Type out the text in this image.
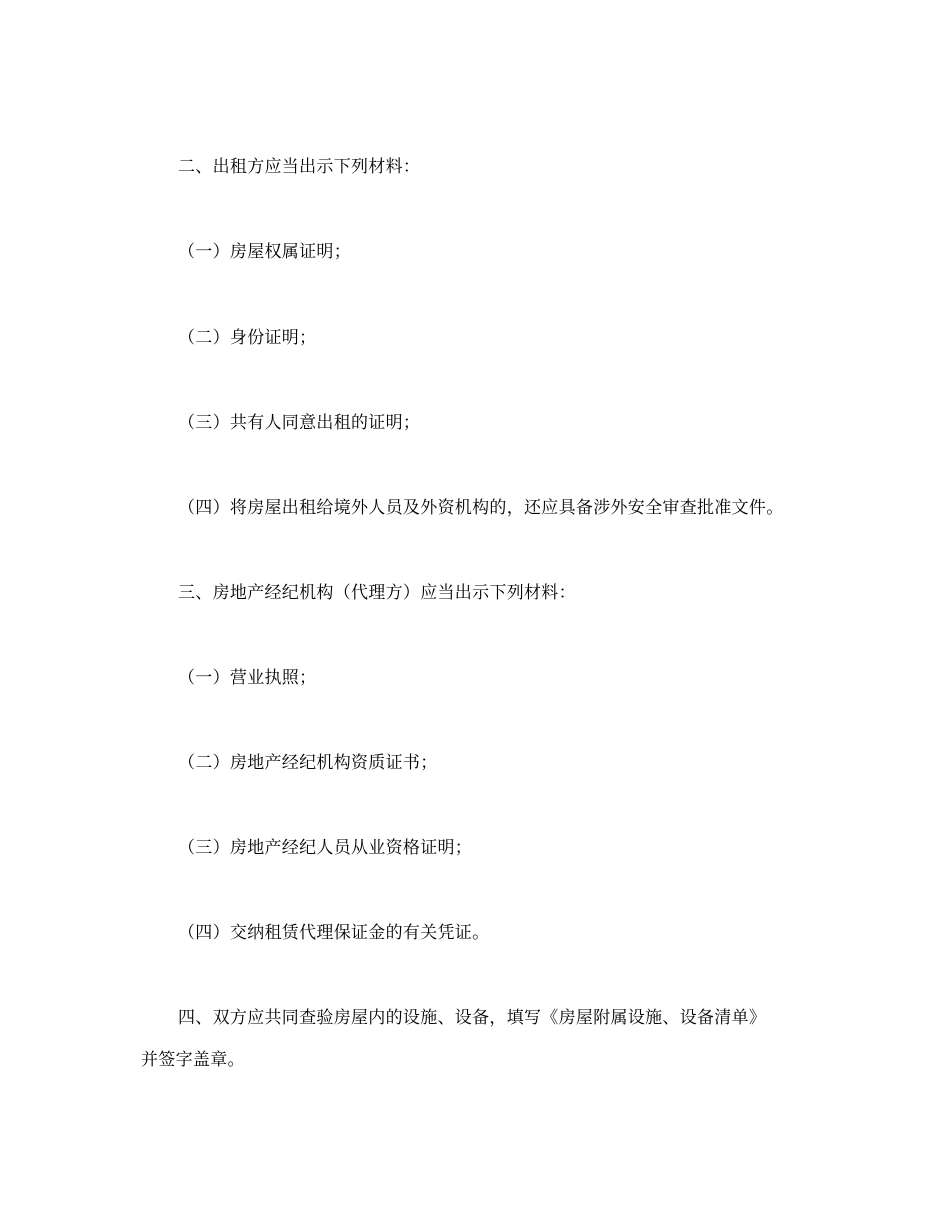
二、出租方应当出示下列材料：
（一）房屋权属证明；
（二）身份证明；
（三）共有人同意出租的证明；
（四）将房屋出租给境外人员及外资机构的，还应具备涉外安全审查批准文件。
三、房地产经纪机构（代理方）应当出示下列材料：
（一）营业执照；
（二）房地产经纪机构资质证书；
（三）房地产经纪人员从业资格证明；
（四）交纳租赁代理保证金的有关凭证。
四、双方应共同查验房屋内的设施、设备，填写《房屋附属设施、设备清单》
并签字盖章。
